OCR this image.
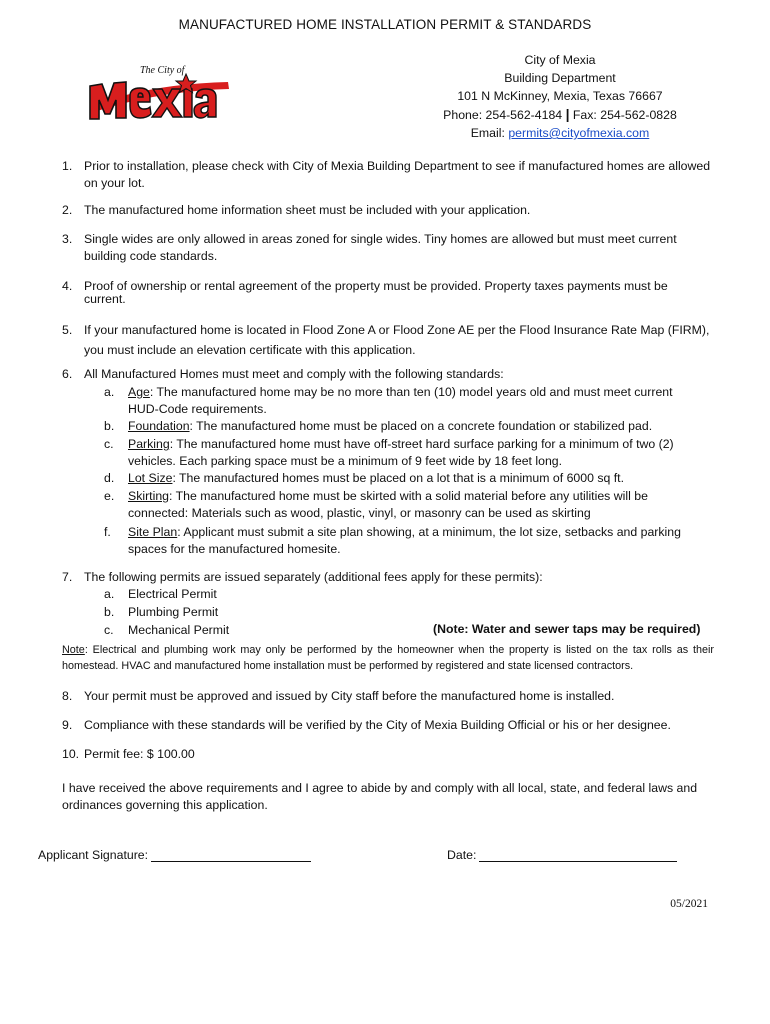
MANUFACTURED HOME INSTALLATION PERMIT & STANDARDS
The City of
City of Mexia
Building Department
101 N McKinney, Mexia, Texas 76667
Phone: 254-562-4184 | Fax: 254-562-0828
Email: permits@cityofmexia.com
1. Prior to installation, please check with City of Mexia Building Department to see if manufactured homes are allowed on your lot.
2. The manufactured home information sheet must be included with your application.
3. Single wides are only allowed in areas zoned for single wides. Tiny homes are allowed but must meet current building code standards.
4. Proof of ownership or rental agreement of the property must be provided. Property taxes payments must be current.
5. If your manufactured home is located in Flood Zone A or Flood Zone AE per the Flood Insurance Rate Map (FIRM), you must include an elevation certificate with this application.
6. All Manufactured Homes must meet and comply with the following standards:
a.	Age: The manufactured home may be no more than ten (10) model years old and must meet current HUD-Code requirements.
b.	Foundation: The manufactured home must be placed on a concrete foundation or stabilized pad.
c.	Parking: The manufactured home must have off-street hard surface parking for a minimum of two (2) vehicles. Each parking space must be a minimum of 9 feet wide by 18 feet long.
d.	Lot Size: The manufactured homes must be placed on a lot that is a minimum of 6000 sq ft.
e.	Skirting: The manufactured home must be skirted with a solid material before any utilities will be connected: Materials such as wood, plastic, vinyl, or masonry can be used as skirting
f.	Site Plan: Applicant must submit a site plan showing, at a minimum, the lot size, setbacks and parking spaces for the manufactured homesite.
7. The following permits are issued separately (additional fees apply for these permits):
a.	Electrical Permit
b.	Plumbing Permit
c.	Mechanical Permit	(Note: Water and sewer taps may be required)
Note: Electrical and plumbing work may only be performed by the homeowner when the property is listed on the tax rolls as their homestead. HVAC and manufactured home installation must be performed by registered and state licensed contractors.
8. Your permit must be approved and issued by City staff before the manufactured home is installed.
9. Compliance with these standards will be verified by the City of Mexia Building Official or his or her designee.
10. Permit fee: $ 100.00
I have received the above requirements and I agree to abide by and comply with all local, state, and federal laws and ordinances governing this application.
Applicant Signature:	Date:
05/2021
